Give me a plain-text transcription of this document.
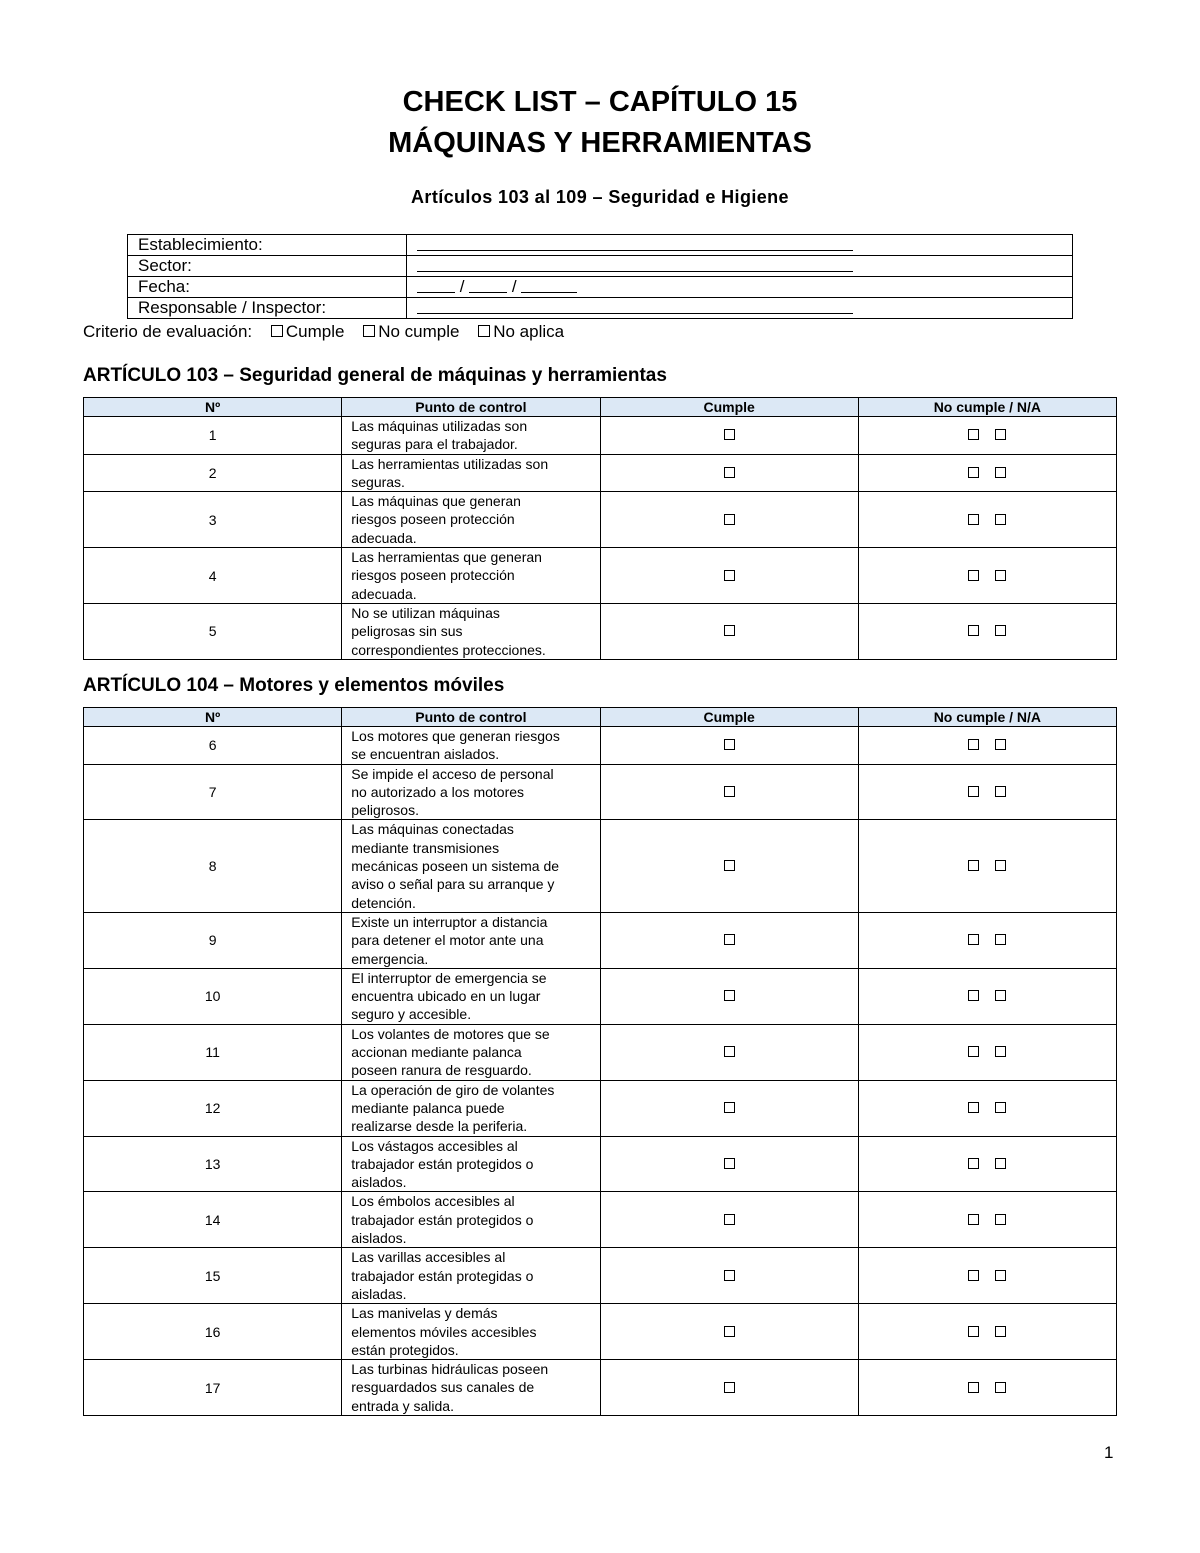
CHECK LIST – CAPÍTULO 15
MÁQUINAS Y HERRAMIENTAS
Artículos 103 al 109 – Seguridad e Higiene
Establecimiento:	
Sector:	
Fecha:	/  /
Responsable / Inspector:	
Criterio de evaluación: Cumple No cumple No aplica
ARTÍCULO 103 – Seguridad general de máquinas y herramientas
Nº	Punto de control	Cumple	No cumple / N/A
1	Las máquinas utilizadas son
seguras para el trabajador.		

2	Las herramientas utilizadas son
seguras.		

3	Las máquinas que generan
riesgos poseen protección
adecuada.		

4	Las herramientas que generan
riesgos poseen protección
adecuada.		

5	No se utilizan máquinas
peligrosas sin sus
correspondientes protecciones.		

ARTÍCULO 104 – Motores y elementos móviles
Nº	Punto de control	Cumple	No cumple / N/A
6	Los motores que generan riesgos
se encuentran aislados.		

7	Se impide el acceso de personal
no autorizado a los motores
peligrosos.		

8	Las máquinas conectadas
mediante transmisiones
mecánicas poseen un sistema de
aviso o señal para su arranque y
detención.		

9	Existe un interruptor a distancia
para detener el motor ante una
emergencia.		

10	El interruptor de emergencia se
encuentra ubicado en un lugar
seguro y accesible.		

11	Los volantes de motores que se
accionan mediante palanca
poseen ranura de resguardo.		

12	La operación de giro de volantes
mediante palanca puede
realizarse desde la periferia.		

13	Los vástagos accesibles al
trabajador están protegidos o
aislados.		

14	Los émbolos accesibles al
trabajador están protegidos o
aislados.		

15	Las varillas accesibles al
trabajador están protegidas o
aisladas.		

16	Las manivelas y demás
elementos móviles accesibles
están protegidos.		

17	Las turbinas hidráulicas poseen
resguardados sus canales de
entrada y salida.		

1
